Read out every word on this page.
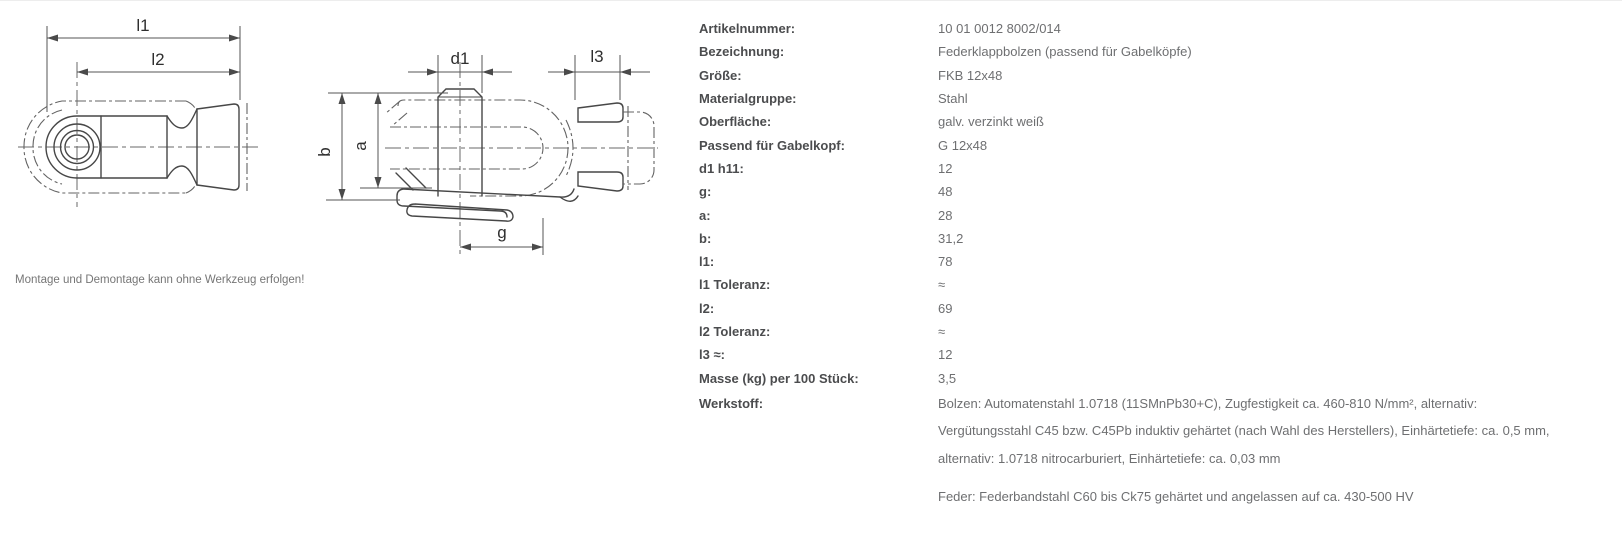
l1
l2	d1	l3
b
a
g
Montage und Demontage kann ohne Werkzeug erfolgen!
Artikelnummer:	10 01 0012 8002/014
Bezeichnung:	Federklappbolzen (passend für Gabelköpfe)
Größe:	FKB 12x48
Materialgruppe:	Stahl
Oberfläche:	galv. verzinkt weiß
Passend für Gabelkopf:	G 12x48
d1 h11:	12
g:	48
a:	28
b:	31,2
l1:	78
l1 Toleranz:	≈
l2:	69
l2 Toleranz:	≈
l3 ≈:	12
Masse (kg) per 100 Stück:	3,5
Werkstoff:	Bolzen: Automatenstahl 1.0718 (11SMnPb30+C), Zugfestigkeit ca. 460-810 N/mm², alternativ:
Vergütungsstahl C45 bzw. C45Pb induktiv gehärtet (nach Wahl des Herstellers), Einhärtetiefe: ca. 0,5 mm,
alternativ: 1.0718 nitrocarburiert, Einhärtetiefe: ca. 0,03 mm
Feder: Federbandstahl C60 bis Ck75 gehärtet und angelassen auf ca. 430-500 HV
